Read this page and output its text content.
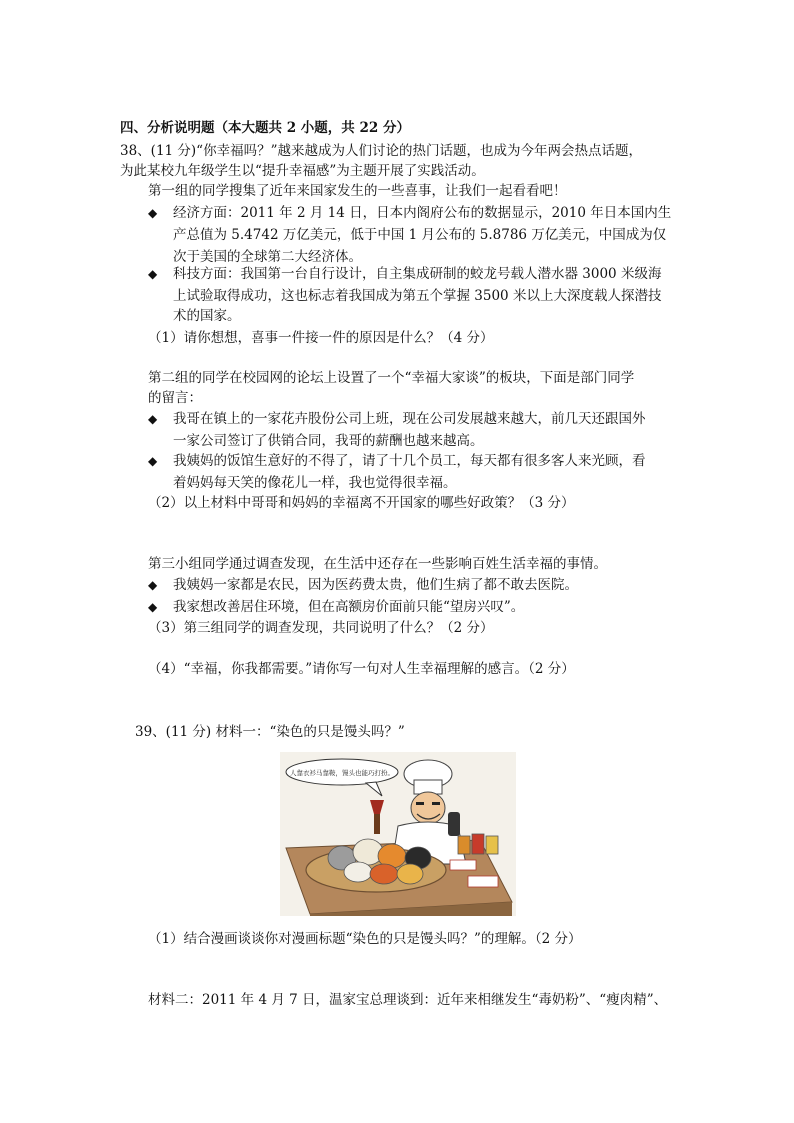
四、分析说明题（本大题共 2 小题，共 22 分）
38、(11 分)“你幸福吗？”越来越成为人们讨论的热门话题，也成为今年两会热点话题，
为此某校九年级学生以“提升幸福感”为主题开展了实践活动。
第一组的同学搜集了近年来国家发生的一些喜事，让我们一起看看吧！
◆ 经济方面：2011 年 2 月 14 日，日本内阁府公布的数据显示，2010 年日本国内生
产总值为 5.4742 万亿美元，低于中国 1 月公布的 5.8786 万亿美元，中国成为仅
次于美国的全球第二大经济体。
◆ 科技方面：我国第一台自行设计，自主集成研制的蛟龙号载人潜水器 3000 米级海
上试验取得成功，这也标志着我国成为第五个掌握 3500 米以上大深度载人探潜技
术的国家。
（1）请你想想，喜事一件接一件的原因是什么？（4 分）
第二组的同学在校园网的论坛上设置了一个“幸福大家谈”的板块，下面是部门同学
的留言：
◆ 我哥在镇上的一家花卉股份公司上班，现在公司发展越来越大，前几天还跟国外
一家公司签订了供销合同，我哥的薪酬也越来越高。
◆ 我姨妈的饭馆生意好的不得了，请了十几个员工，每天都有很多客人来光顾，看
着妈妈每天笑的像花儿一样，我也觉得很幸福。
（2）以上材料中哥哥和妈妈的幸福离不开国家的哪些好政策？（3 分）
第三小组同学通过调查发现，在生活中还存在一些影响百姓生活幸福的事情。
◆ 我姨妈一家都是农民，因为医药费太贵，他们生病了都不敢去医院。
◆ 我家想改善居住环境，但在高额房价面前只能“望房兴叹”。
（3）第三组同学的调查发现，共同说明了什么？（2 分）
（4）“幸福，你我都需要。”请你写一句对人生幸福理解的感言。（2 分）
39、(11 分) 材料一：“染色的只是馒头吗？”
人靠衣衫马靠鞍，馒头也能巧打扮。
（1）结合漫画谈谈你对漫画标题“染色的只是馒头吗？”的理解。（2 分）
材料二：2011 年 4 月 7 日，温家宝总理谈到：近年来相继发生“毒奶粉”、“瘦肉精”、
